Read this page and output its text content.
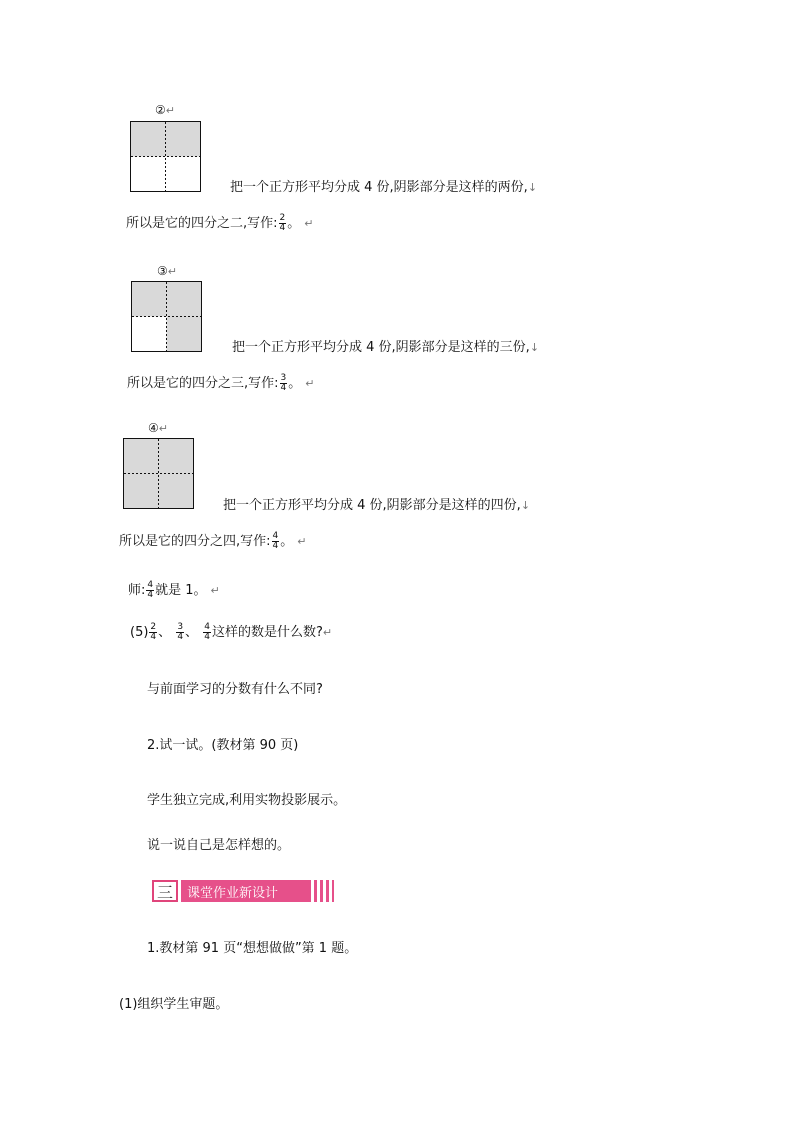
②↵
把一个正方形平均分成 4 份,阴影部分是这样的两份,↓
所以是它的四分之二,写作: $\frac{2}{4}$ 。 ↵
③↵
把一个正方形平均分成 4 份,阴影部分是这样的三份,↓
所以是它的四分之三,写作: $\frac{3}{4}$ 。 ↵
④↵
把一个正方形平均分成 4 份,阴影部分是这样的四份,↓
所以是它的四分之四,写作: $\frac{4}{4}$ 。 ↵
师: $\frac{4}{4}$ 就是 1。 ↵
$(5) \frac{2}{4}$ 、 $\frac{3}{4}$ 、 $\frac{4}{4}$ 这样的数是什么数?↵
与前面学习的分数有什么不同?
2.试一试。(教材第 90 页)
学生独立完成,利用实物投影展示。
说一说自己是怎样想的。
三	课堂作业新设计
1.教材第 91 页“想想做做”第 1 题。
(1)组织学生审题。
